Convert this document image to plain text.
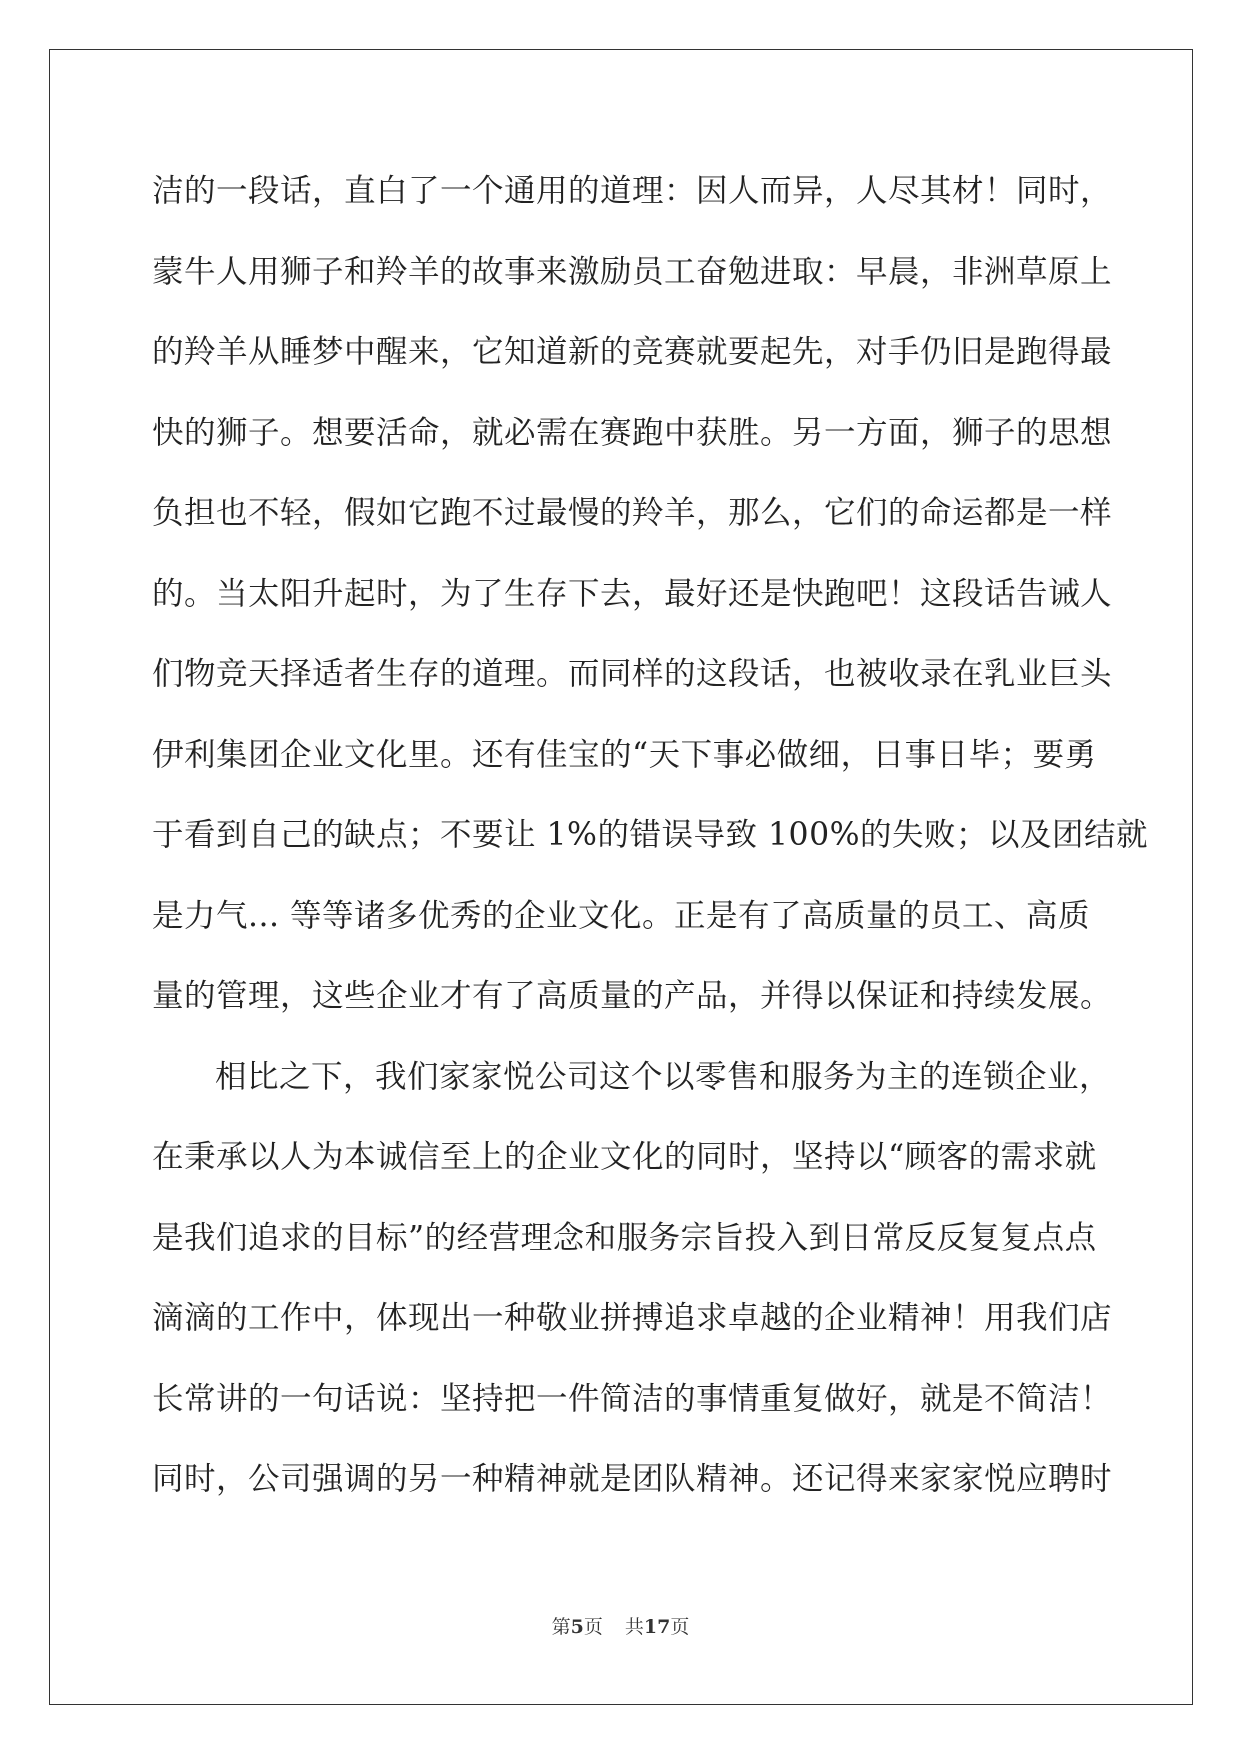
洁的一段话，直白了一个通用的道理：因人而异，人尽其材！同时，
蒙牛人用狮子和羚羊的故事来激励员工奋勉进取：早晨，非洲草原上
的羚羊从睡梦中醒来，它知道新的竞赛就要起先，对手仍旧是跑得最
快的狮子。想要活命，就必需在赛跑中获胜。另一方面，狮子的思想
负担也不轻，假如它跑不过最慢的羚羊，那么，它们的命运都是一样
的。当太阳升起时，为了生存下去，最好还是快跑吧！这段话告诫人
们物竞天择适者生存的道理。而同样的这段话，也被收录在乳业巨头
伊利集团企业文化里。还有佳宝的“天下事必做细，日事日毕；要勇
于看到自己的缺点；不要让 1%的错误导致 100%的失败；以及团结就
是力气... 等等诸多优秀的企业文化。正是有了高质量的员工、高质
量的管理，这些企业才有了高质量的产品，并得以保证和持续发展。
相比之下，我们家家悦公司这个以零售和服务为主的连锁企业，
在秉承以人为本诚信至上的企业文化的同时，坚持以“顾客的需求就
是我们追求的目标”的经营理念和服务宗旨投入到日常反反复复点点
滴滴的工作中，体现出一种敬业拼搏追求卓越的企业精神！用我们店
长常讲的一句话说：坚持把一件简洁的事情重复做好，就是不简洁！
同时，公司强调的另一种精神就是团队精神。还记得来家家悦应聘时
第5页 共17页
